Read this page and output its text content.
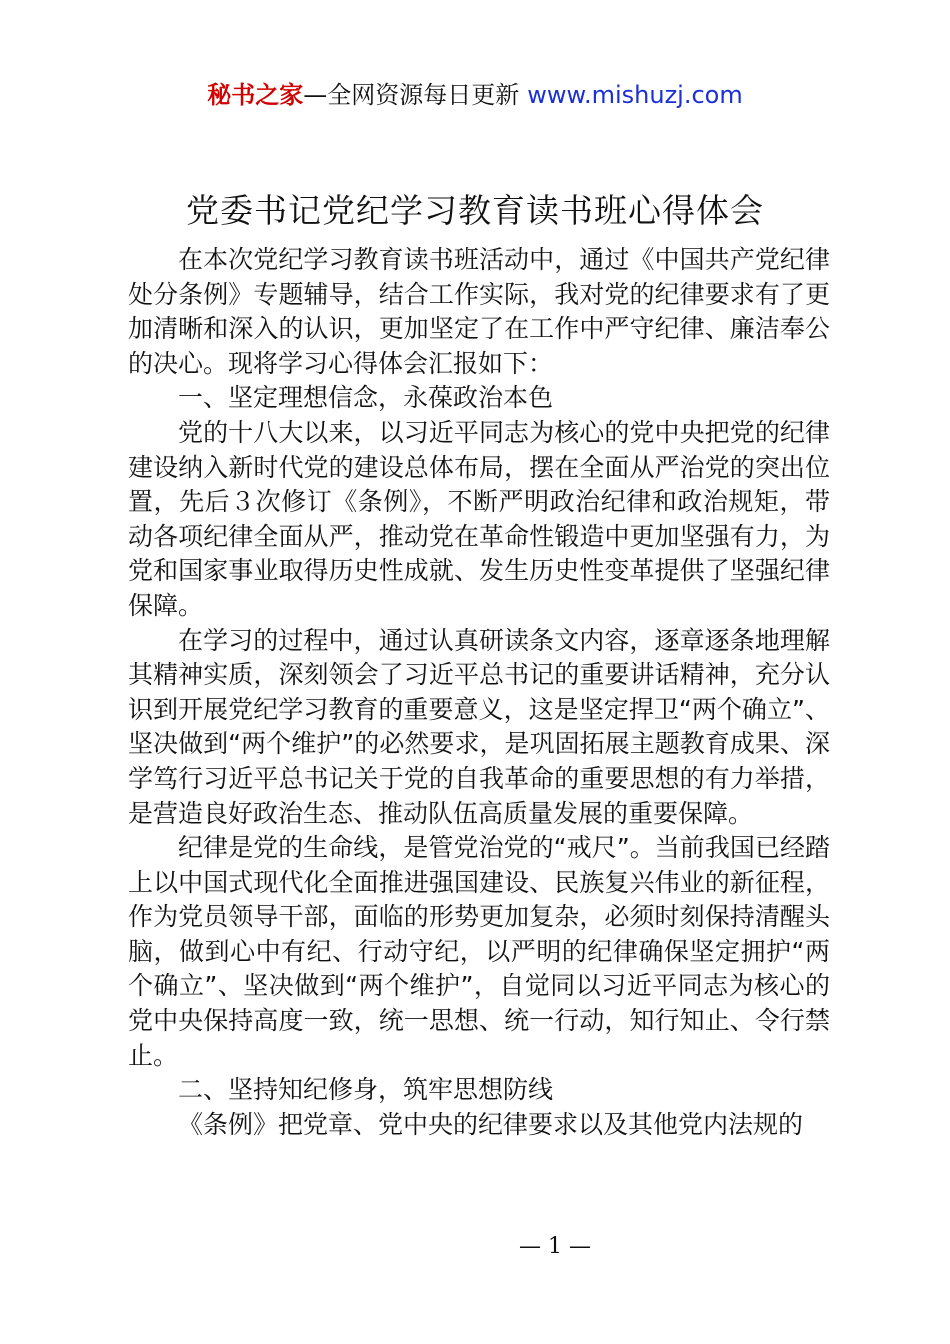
秘书之家—全网资源每日更新 www.mishuzj.com
党委书记党纪学习教育读书班心得体会

在本次党纪学习教育读书班活动中，通过《中国共产党纪律处分条例》专题辅导，结合工作实际，我对党的纪律要求有了更加清晰和深入的认识，更加坚定了在工作中严守纪律、廉洁奉公的决心。现将学习心得体会汇报如下：

一、坚定理想信念，永葆政治本色

党的十八大以来，以习近平同志为核心的党中央把党的纪律建设纳入新时代党的建设总体布局，摆在全面从严治党的突出位置，先后３次修订《条例》，不断严明政治纪律和政治规矩，带动各项纪律全面从严，推动党在革命性锻造中更加坚强有力，为党和国家事业取得历史性成就、发生历史性变革提供了坚强纪律保障。

在学习的过程中，通过认真研读条文内容，逐章逐条地理解其精神实质，深刻领会了习近平总书记的重要讲话精神，充分认识到开展党纪学习教育的重要意义，这是坚定捍卫“两个确立”、坚决做到“两个维护”的必然要求，是巩固拓展主题教育成果、深学笃行习近平总书记关于党的自我革命的重要思想的有力举措，是营造良好政治生态、推动队伍高质量发展的重要保障。

纪律是党的生命线，是管党治党的“戒尺”。当前我国已经踏上以中国式现代化全面推进强国建设、民族复兴伟业的新征程，作为党员领导干部，面临的形势更加复杂，必须时刻保持清醒头脑，做到心中有纪、行动守纪，以严明的纪律确保坚定拥护“两个确立”、坚决做到“两个维护”，自觉同以习近平同志为核心的党中央保持高度一致，统一思想、统一行动，知行知止、令行禁止。

二、坚持知纪修身，筑牢思想防线

《条例》把党章、党中央的纪律要求以及其他党内法规的

— 1 —
